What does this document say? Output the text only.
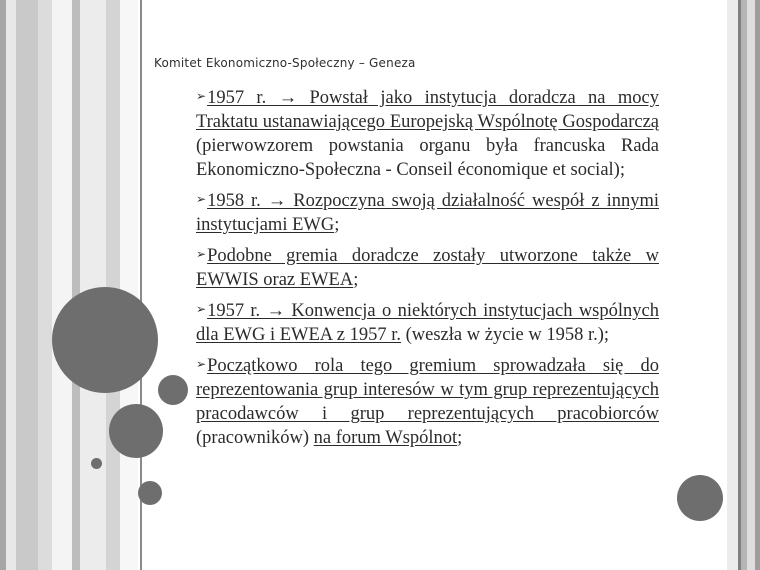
Komitet Ekonomiczno-Społeczny – Geneza

➢1957 r. → Powstał jako instytucja doradcza na mocy Traktatu ustanawiającego Europejską Wspólnotę Gospodarczą (pierwowzorem powstania organu była francuska Rada Ekonomiczno-Społeczna - Conseil économique et social);

➢1958 r. → Rozpoczyna swoją działalność wespół z innymi instytucjami EWG;

➢Podobne gremia doradcze zostały utworzone także w EWWIS oraz EWEA;

➢1957 r. → Konwencja o niektórych instytucjach wspólnych dla EWG i EWEA z 1957 r. (weszła w życie w 1958 r.);

➢Początkowo rola tego gremium sprowadzała się do reprezentowania grup interesów w tym grup reprezentujących pracodawców i grup reprezentujących pracobiorców (pracowników) na forum Wspólnot;
